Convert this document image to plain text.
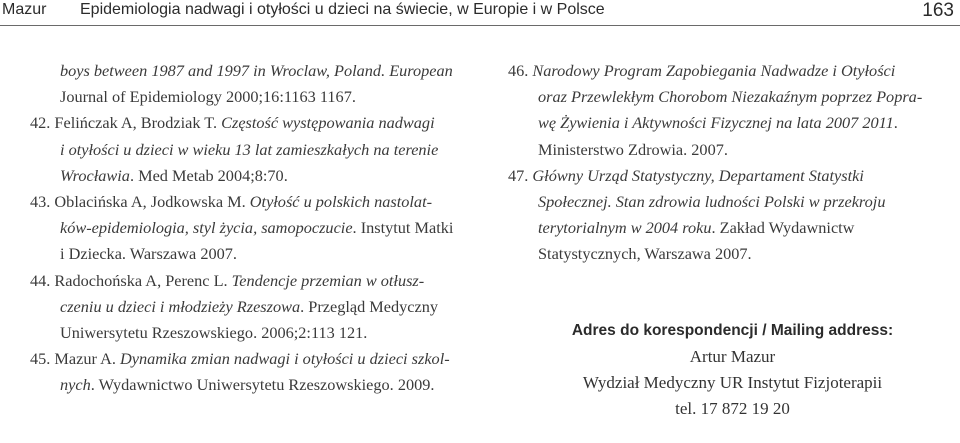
Mazur Epidemiologia nadwagi i otyłości u dzieci na świecie, w Europie i w Polsce	163
boys between 1987 and 1997 in Wroclaw, Poland. European
Journal of Epidemiology 2000;16:1163 1167.
42. Felińczak A, Brodziak T. Częstość występowania nadwagi
i otyłości u dzieci w wieku 13 lat zamieszkałych na terenie
Wrocławia. Med Metab 2004;8:70.
43. Oblacińska A, Jodkowska M. Otyłość u polskich nastolat-
ków-epidemiologia, styl życia, samopoczucie. Instytut Matki
i Dziecka. Warszawa 2007.
44. Radochońska A, Perenc L. Tendencje przemian w otłusz-
czeniu u dzieci i młodzieży Rzeszowa. Przegląd Medyczny
Uniwersytetu Rzeszowskiego. 2006;2:113 121.
45. Mazur A. Dynamika zmian nadwagi i otyłości u dzieci szkol-
nych. Wydawnictwo Uniwersytetu Rzeszowskiego. 2009.
46. Narodowy Program Zapobiegania Nadwadze i Otyłości
oraz Przewlekłym Chorobom Niezakaźnym poprzez Popra-
wę Żywienia i Aktywności Fizycznej na lata 2007 2011.
Ministerstwo Zdrowia. 2007.
47. Główny Urząd Statystyczny, Departament Statystki
Społecznej. Stan zdrowia ludności Polski w przekroju
terytorialnym w 2004 roku. Zakład Wydawnictw
Statystycznych, Warszawa 2007.
Adres do korespondencji / Mailing address:
Artur Mazur
Wydział Medyczny UR Instytut Fizjoterapii
tel. 17 872 19 20
